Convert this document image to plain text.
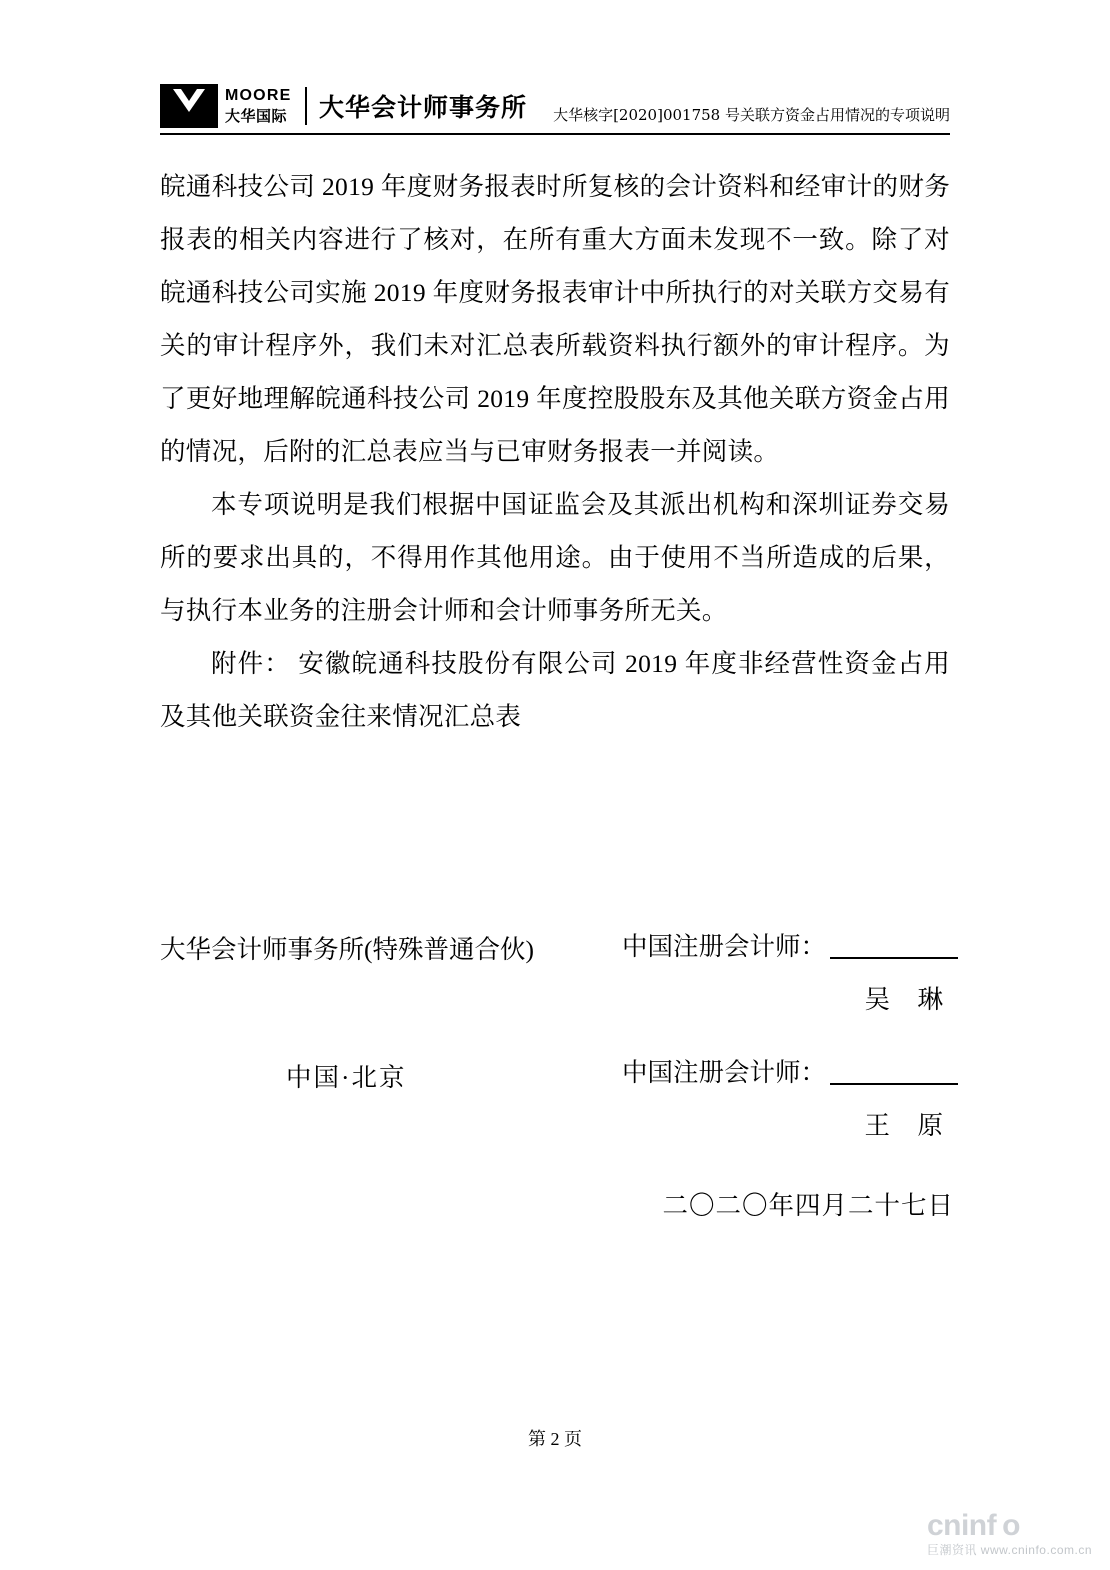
MOORE
大华国际 大华会计师事务所 大华核字[2020]001758 号关联方资金占用情况的专项说明

皖通科技公司 2019 年度财务报表时所复核的会计资料和经审计的财务报表的相关内容进行了核对，在所有重大方面未发现不一致。除了对皖通科技公司实施 2019 年度财务报表审计中所执行的对关联方交易有关的审计程序外，我们未对汇总表所载资料执行额外的审计程序。为了更好地理解皖通科技公司 2019 年度控股股东及其他关联方资金占用的情况，后附的汇总表应当与已审财务报表一并阅读。

本专项说明是我们根据中国证监会及其派出机构和深圳证券交易所的要求出具的，不得用作其他用途。由于使用不当所造成的后果，与执行本业务的注册会计师和会计师事务所无关。

附件： 安徽皖通科技股份有限公司 2019 年度非经营性资金占用及其他关联资金往来情况汇总表

大华会计师事务所(特殊普通合伙)
中国·北京
中国注册会计师：
吴　琳
中国注册会计师：
王　原
二〇二〇年四月二十七日
第 2 页
cninf o
巨潮资讯 www.cninfo.com.cn
